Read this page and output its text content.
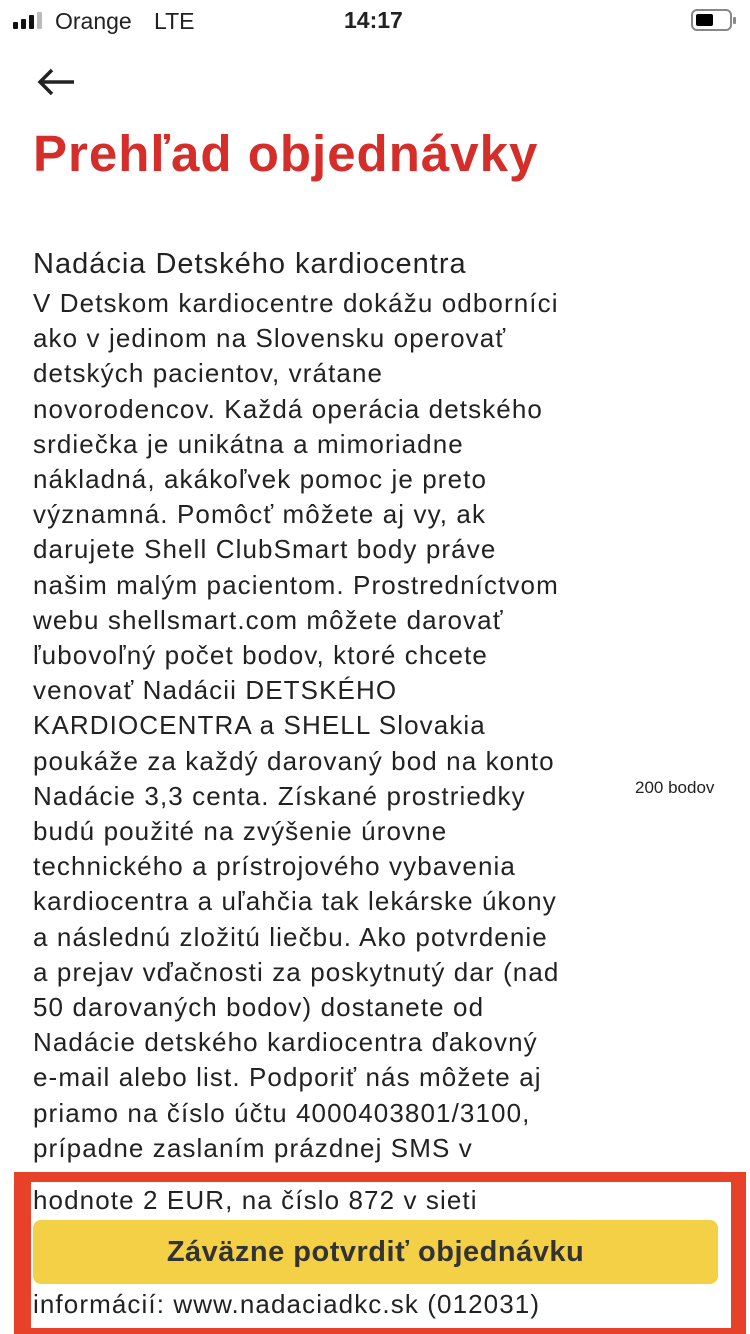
Orange LTE	14:17
Prehľad objednávky
Nadácia Detského kardiocentra
V Detskom kardiocentre dokážu odborníci
ako v jedinom na Slovensku operovať
detských pacientov, vrátane
novorodencov. Každá operácia detského
srdiečka je unikátna a mimoriadne
nákladná, akákoľvek pomoc je preto
významná. Pomôcť môžete aj vy, ak
darujete Shell ClubSmart body práve
našim malým pacientom. Prostredníctvom
webu shellsmart.com môžete darovať
ľubovoľný počet bodov, ktoré chcete
venovať Nadácii DETSKÉHO
KARDIOCENTRA a SHELL Slovakia
poukáže za každý darovaný bod na konto
Nadácie 3,3 centa. Získané prostriedky
budú použité na zvýšenie úrovne
technického a prístrojového vybavenia
kardiocentra a uľahčia tak lekárske úkony
a následnú zložitú liečbu. Ako potvrdenie
a prejav vďačnosti za poskytnutý dar (nad
50 darovaných bodov) dostanete od
Nadácie detského kardiocentra ďakovný
e-mail alebo list. Podporiť nás môžete aj
priamo na číslo účtu 4000403801/3100,
prípadne zaslaním prázdnej SMS v
200 bodov
hodnote 2 EUR, na číslo 872 v sieti
Záväzne potvrdiť objednávku
informácií: www.nadaciadkc.sk (012031)
